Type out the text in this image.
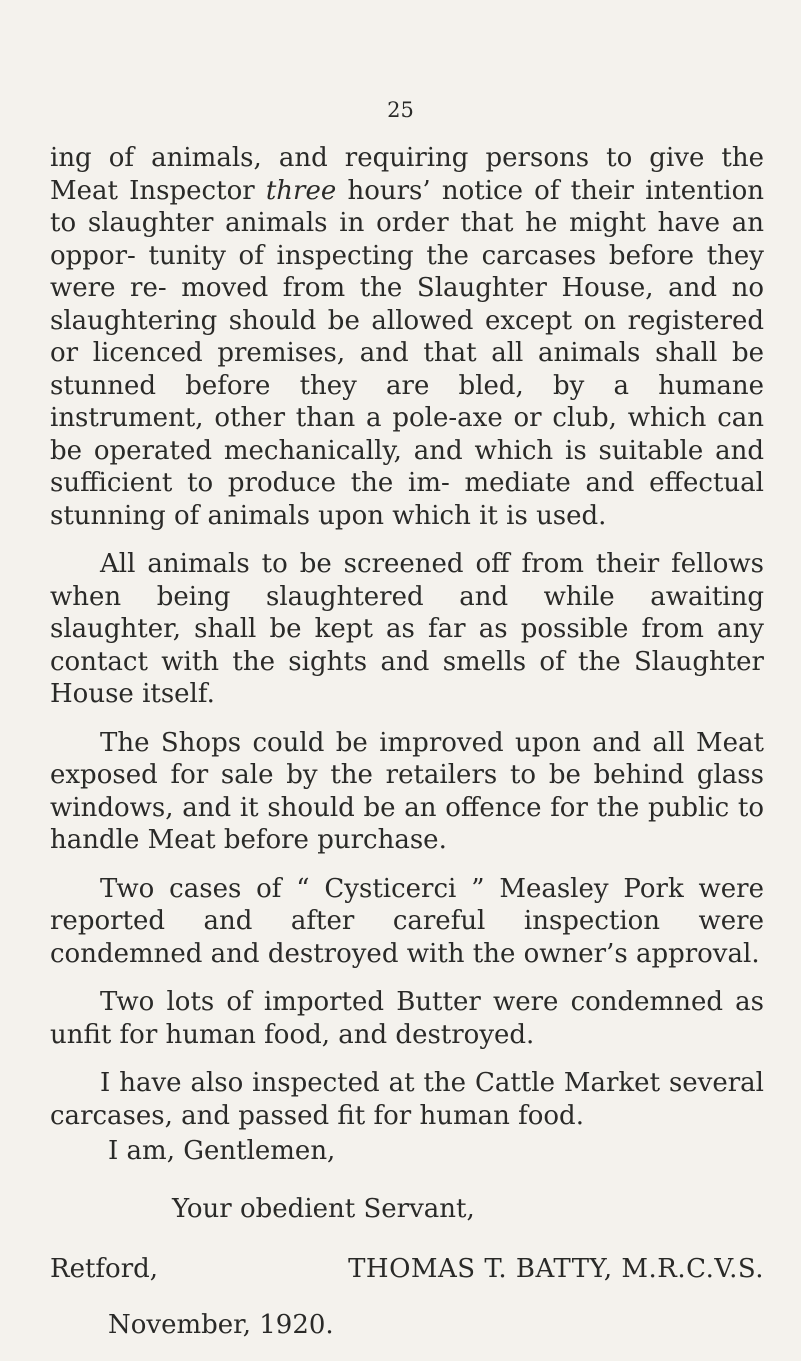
25

ing of animals, and requiring persons to give the Meat Inspector three hours’ notice of their intention to slaughter animals in order that he might have an oppor- tunity of inspecting the carcases before they were re- moved from the Slaughter House, and no slaughtering should be allowed except on registered or licenced premises, and that all animals shall be stunned before they are bled, by a humane instrument, other than a pole-axe or club, which can be operated mechanically, and which is suitable and sufficient to produce the im- mediate and effectual stunning of animals upon which it is used.

All animals to be screened off from their fellows when being slaughtered and while awaiting slaughter, shall be kept as far as possible from any contact with the sights and smells of the Slaughter House itself.

The Shops could be improved upon and all Meat exposed for sale by the retailers to be behind glass windows, and it should be an offence for the public to handle Meat before purchase.

Two cases of “ Cysticerci ” Measley Pork were reported and after careful inspection were condemned and destroyed with the owner’s approval.

Two lots of imported Butter were condemned as unfit for human food, and destroyed.

I have also inspected at the Cattle Market several carcases, and passed fit for human food.

I am, Gentlemen,
Your obedient Servant,
Retford,	THOMAS T. BATTY, M.R.C.V.S.
November, 1920.
